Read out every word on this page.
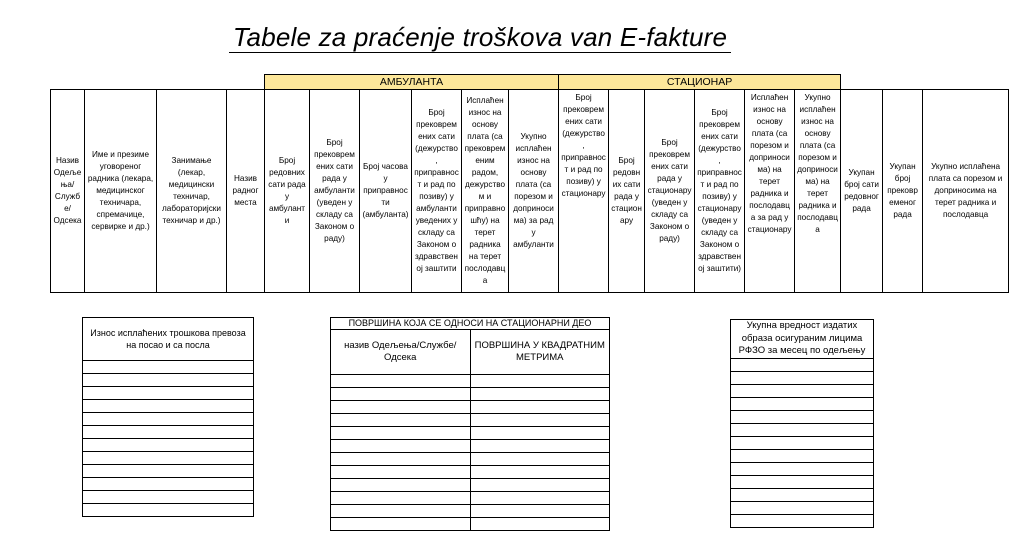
Tabele za praćenje troškova van E-fakture
				АМБУЛАНТА						СТАЦИОНАР								
Назив Одељења/Службе/Одсека	Име и презиме уговореног радника (лекара, медицинског техничара, спремачице, сервирке и др.)	Занимање (лекар, медицински техничар, лабораторијски техничар и др.)	Назив радног места	Број редовних сати рада у амбуланти	Број прековремених сати рада у амбуланти (уведен у складу са Законом о раду)	Број часова у приправности (амбуланта)	Број прековремених сати (дежурство, приправност и рад по позиву) у амбуланти уведених у складу са Законом о здравственој заштити	Исплаћен износ на основу плата (са прековременим радом, дежурством и приправношћу) на терет радника на терет послодавца	Укупно исплаћен износ на основу плата (са порезом и доприносима) за рад у амбуланти	Број прековремених сати (дежурство, приправност и рад по позиву) у стационару	Број редовних сати рада у стационару	Број прековремених сати рада у стационару (уведен у складу са Законом о раду)	Број прековремених сати (дежурство, приправност и рад по позиву) у стационару (уведен у складу са Законом о здравственој заштити)	Исплаћен износ на основу плата (са порезом и доприносима) на терет радника и послодавца за рад у стационару	Укупно исплаћен износ на основу плата (са порезом и доприносима) на терет радника и послодавца	Укупан број сати редовног рада	Укупан број прековременог рада	Укупно исплаћена плата са порезом и доприносима на терет радника и послодавца
Износ исплаћених трошкова превоза на посао и са посла

ПОВРШИНА КОЈА СЕ ОДНОСИ НА СТАЦИОНАРНИ ДЕО	
назив Одељења/Службе/Одсека	ПОВРШИНА У КВАДРАТНИМ МЕТРИМА

Укупна вредност издатих образа осигураним лицима РФЗО за месец по одељењу
